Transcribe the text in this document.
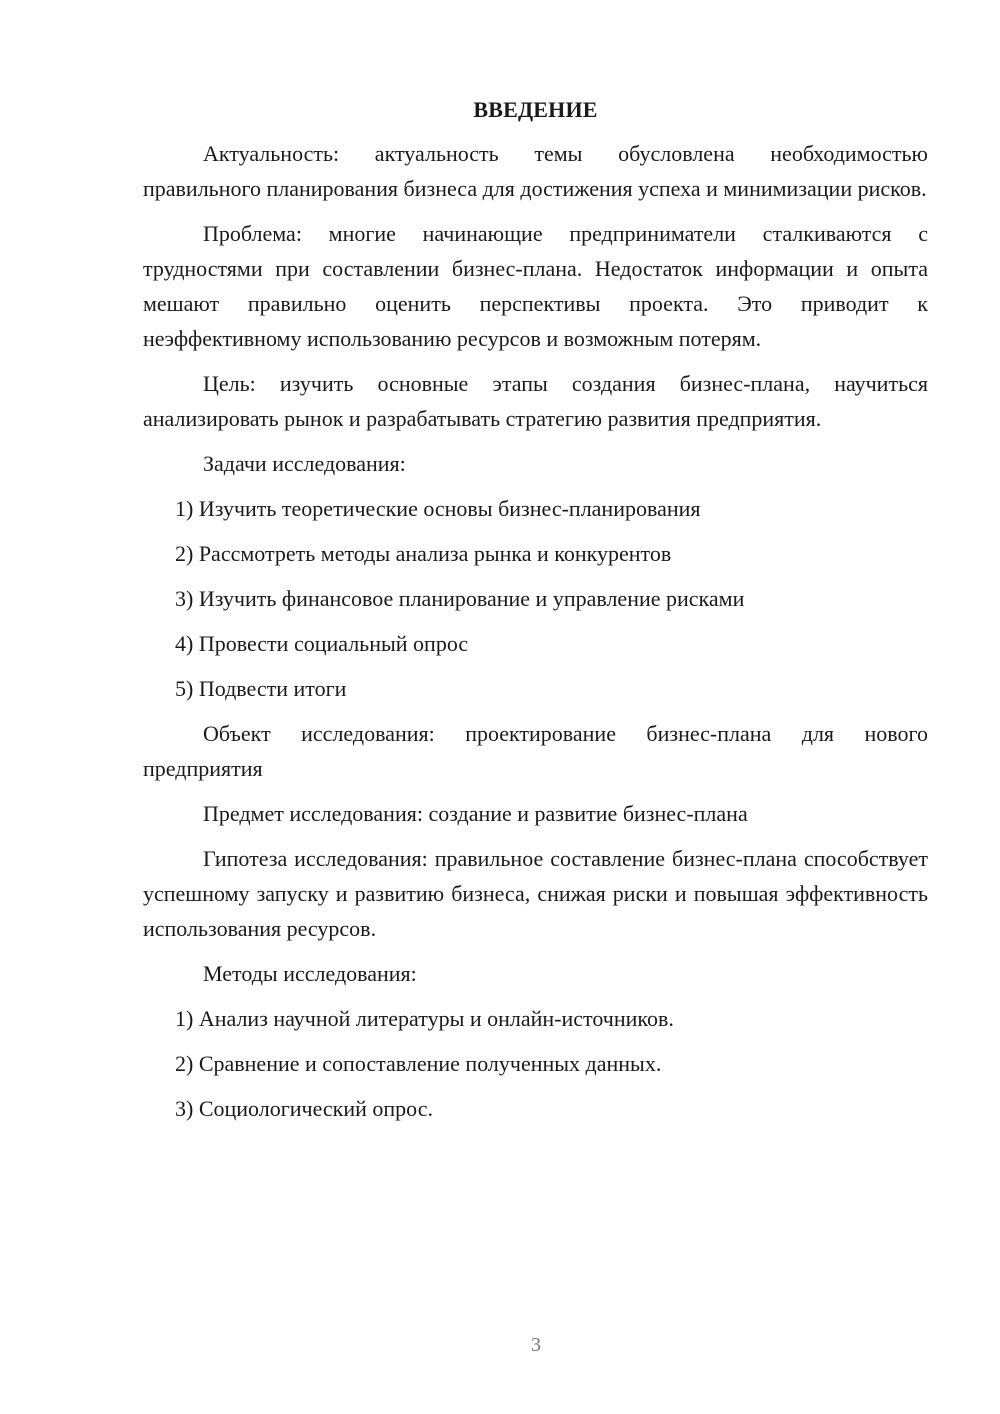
ВВЕДЕНИЕ

Актуальность: актуальность темы обусловлена необходимостью правильного планирования бизнеса для достижения успеха и минимизации рисков.

Проблема: многие начинающие предприниматели сталкиваются с трудностями при составлении бизнес-плана. Недостаток информации и опыта мешают правильно оценить перспективы проекта. Это приводит к неэффективному использованию ресурсов и возможным потерям.

Цель: изучить основные этапы создания бизнес-плана, научиться анализировать рынок и разрабатывать стратегию развития предприятия.

Задачи исследования:
1) Изучить теоретические основы бизнес-планирования
2) Рассмотреть методы анализа рынка и конкурентов
3) Изучить финансовое планирование и управление рисками
4) Провести социальный опрос
5) Подвести итоги

Объект исследования: проектирование бизнес-плана для нового предприятия

Предмет исследования: создание и развитие бизнес-плана

Гипотеза исследования: правильное составление бизнес-плана способствует успешному запуску и развитию бизнеса, снижая риски и повышая эффективность использования ресурсов.

Методы исследования:
1) Анализ научной литературы и онлайн-источников.
2) Сравнение и сопоставление полученных данных.
3) Социологический опрос.
3
